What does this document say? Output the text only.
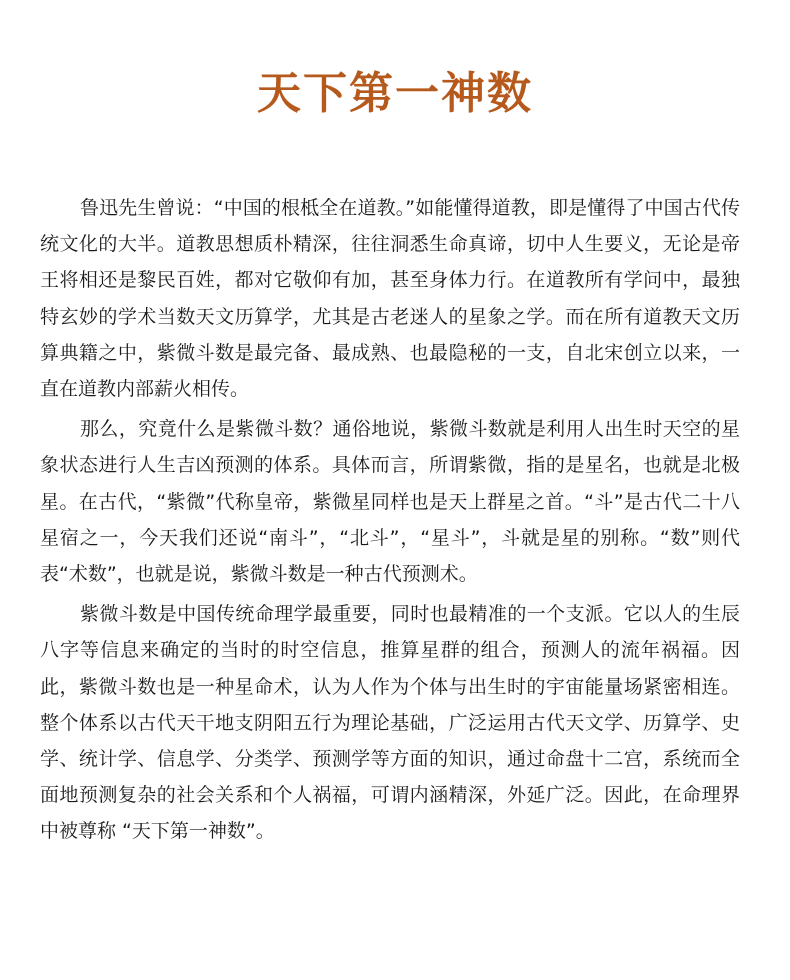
天下第一神数

鲁迅先生曾说：“中国的根柢全在道教。”如能懂得道教，即是懂得了中国古代传统文化的大半。道教思想质朴精深，往往洞悉生命真谛，切中人生要义，无论是帝王将相还是黎民百姓，都对它敬仰有加，甚至身体力行。在道教所有学问中，最独特玄妙的学术当数天文历算学，尤其是古老迷人的星象之学。而在所有道教天文历算典籍之中，紫微斗数是最完备、最成熟、也最隐秘的一支，自北宋创立以来，一直在道教内部薪火相传。

那么，究竟什么是紫微斗数？通俗地说，紫微斗数就是利用人出生时天空的星象状态进行人生吉凶预测的体系。具体而言，所谓紫微，指的是星名，也就是北极星。在古代，“紫微”代称皇帝，紫微星同样也是天上群星之首。“斗”是古代二十八星宿之一，今天我们还说“南斗”，“北斗”，“星斗”，斗就是星的别称。“数”则代表“术数”，也就是说，紫微斗数是一种古代预测术。

紫微斗数是中国传统命理学最重要，同时也最精准的一个支派。它以人的生辰八字等信息来确定的当时的时空信息，推算星群的组合，预测人的流年祸福。因此，紫微斗数也是一种星命术，认为人作为个体与出生时的宇宙能量场紧密相连。整个体系以古代天干地支阴阳五行为理论基础，广泛运用古代天文学、历算学、史学、统计学、信息学、分类学、预测学等方面的知识，通过命盘十二宫，系统而全面地预测复杂的社会关系和个人祸福，可谓内涵精深，外延广泛。因此，在命理界中被尊称 “天下第一神数”。
